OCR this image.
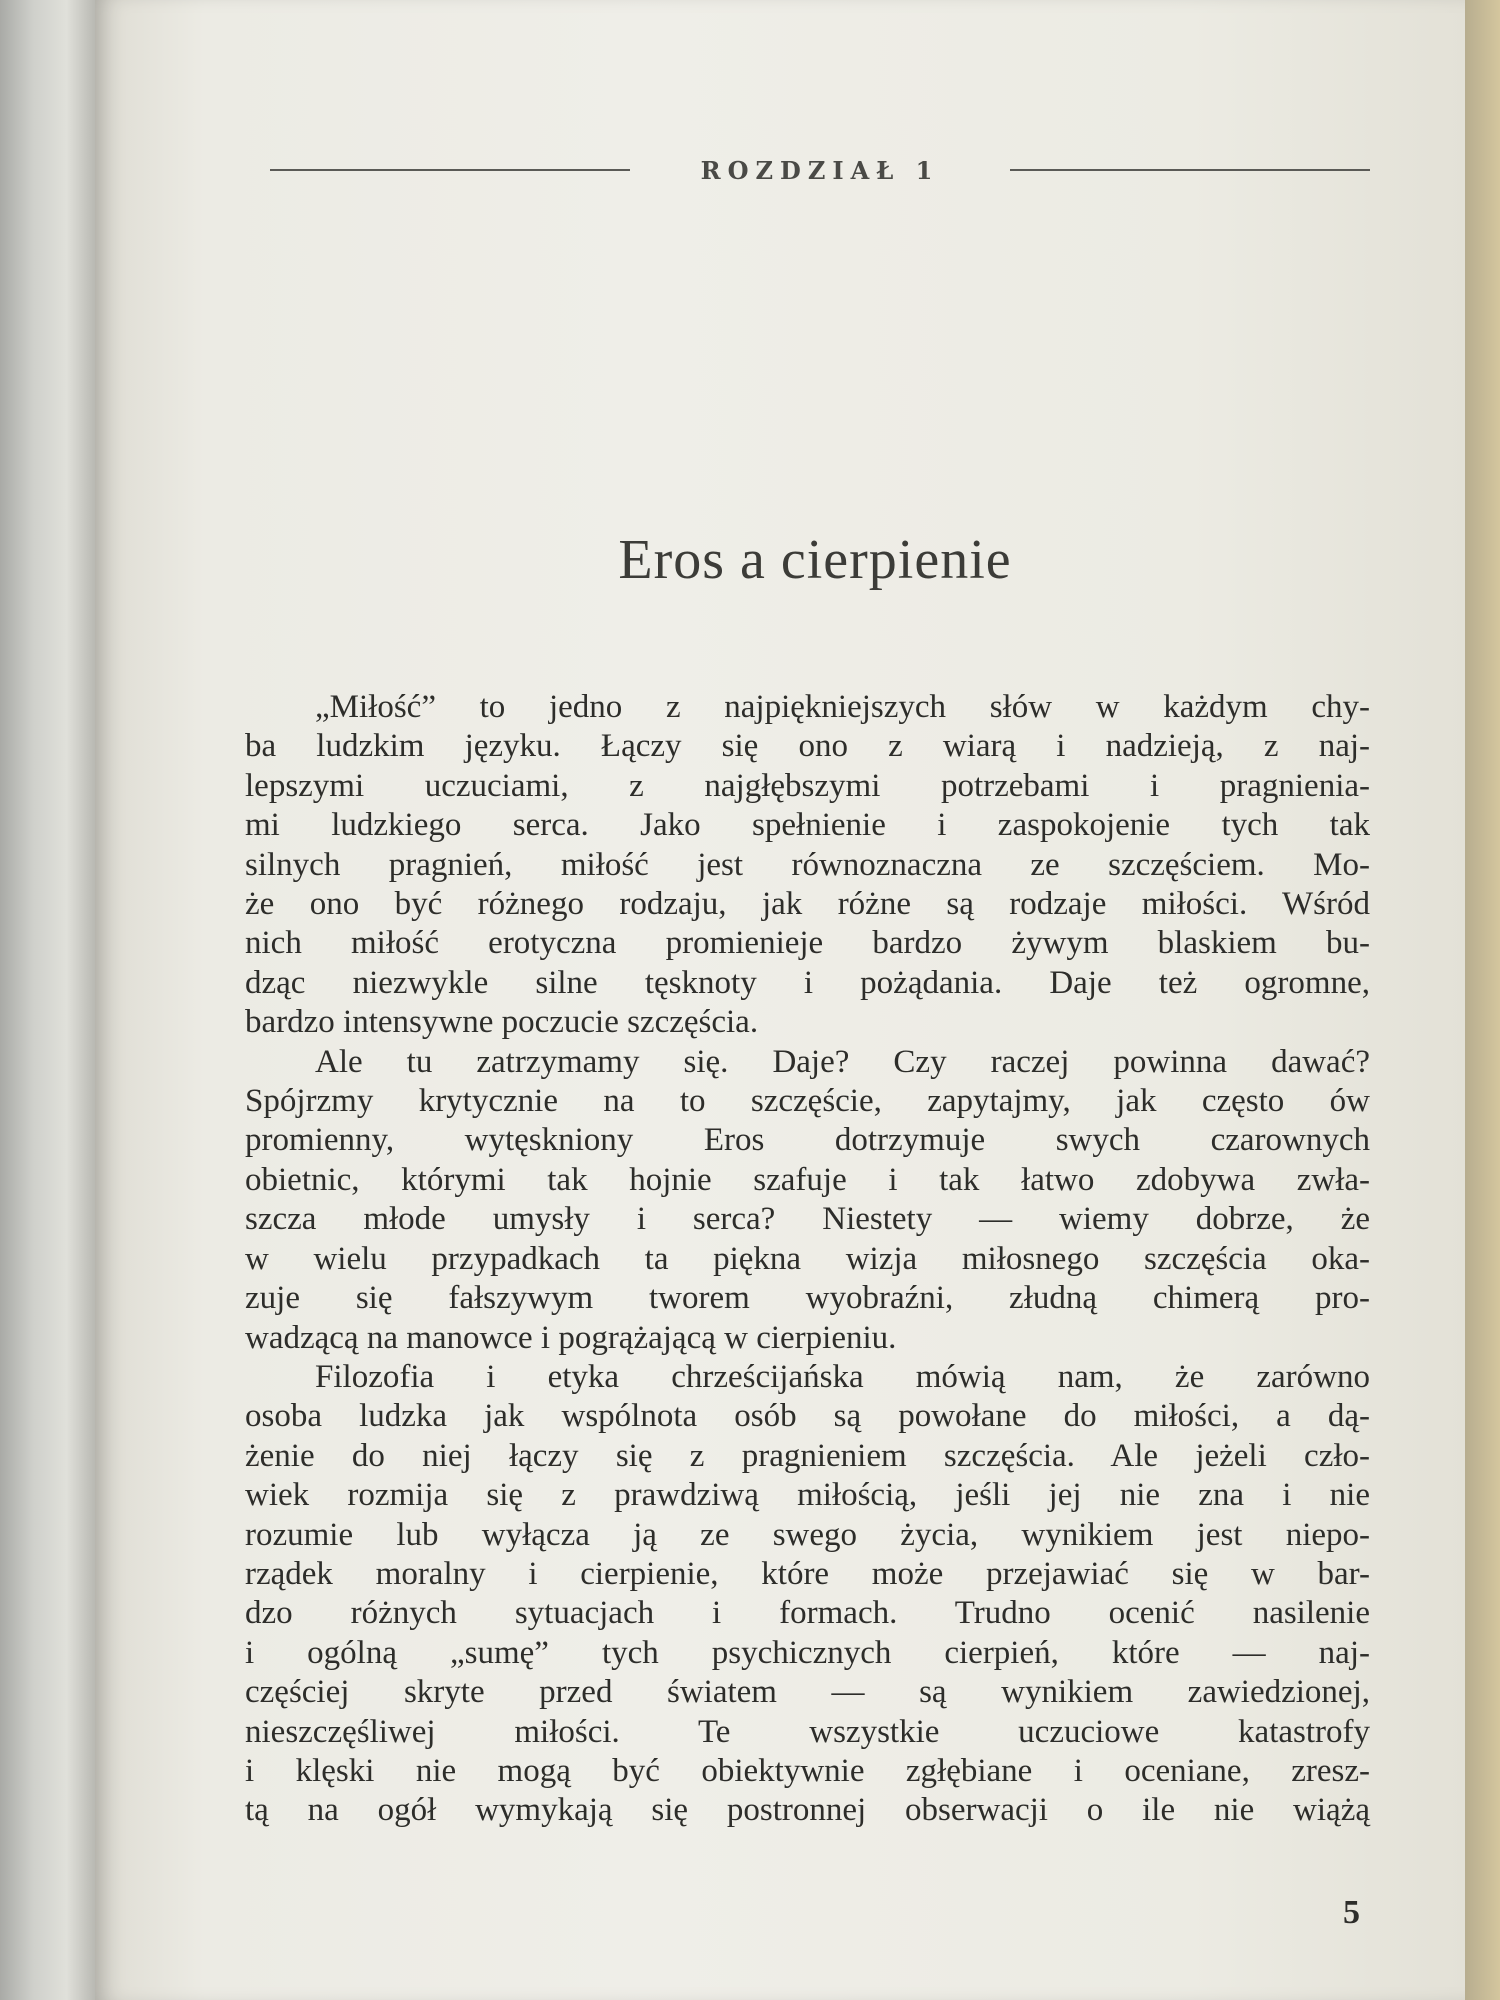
ROZDZIAŁ 1
Eros a cierpienie
„Miłość” to jedno z najpiękniejszych słów w każdym chy-
ba ludzkim języku. Łączy się ono z wiarą i nadzieją, z naj-
lepszymi uczuciami, z najgłębszymi potrzebami i pragnienia-
mi ludzkiego serca. Jako spełnienie i zaspokojenie tych tak
silnych pragnień, miłość jest równoznaczna ze szczęściem. Mo-
że ono być różnego rodzaju, jak różne są rodzaje miłości. Wśród
nich miłość erotyczna promienieje bardzo żywym blaskiem bu-
dząc niezwykle silne tęsknoty i pożądania. Daje też ogromne,
bardzo intensywne poczucie szczęścia.
Ale tu zatrzymamy się. Daje? Czy raczej powinna dawać?
Spójrzmy krytycznie na to szczęście, zapytajmy, jak często ów
promienny, wytęskniony Eros dotrzymuje swych czarownych
obietnic, którymi tak hojnie szafuje i tak łatwo zdobywa zwła-
szcza młode umysły i serca? Niestety — wiemy dobrze, że
w wielu przypadkach ta piękna wizja miłosnego szczęścia oka-
zuje się fałszywym tworem wyobraźni, złudną chimerą pro-
wadzącą na manowce i pogrążającą w cierpieniu.
Filozofia i etyka chrześcijańska mówią nam, że zarówno
osoba ludzka jak wspólnota osób są powołane do miłości, a dą-
żenie do niej łączy się z pragnieniem szczęścia. Ale jeżeli czło-
wiek rozmija się z prawdziwą miłością, jeśli jej nie zna i nie
rozumie lub wyłącza ją ze swego życia, wynikiem jest niepo-
rządek moralny i cierpienie, które może przejawiać się w bar-
dzo różnych sytuacjach i formach. Trudno ocenić nasilenie
i ogólną „sumę” tych psychicznych cierpień, które — naj-
częściej skryte przed światem — są wynikiem zawiedzionej,
nieszczęśliwej miłości. Te wszystkie uczuciowe katastrofy
i klęski nie mogą być obiektywnie zgłębiane i oceniane, zresz-
tą na ogół wymykają się postronnej obserwacji o ile nie wiążą
5
